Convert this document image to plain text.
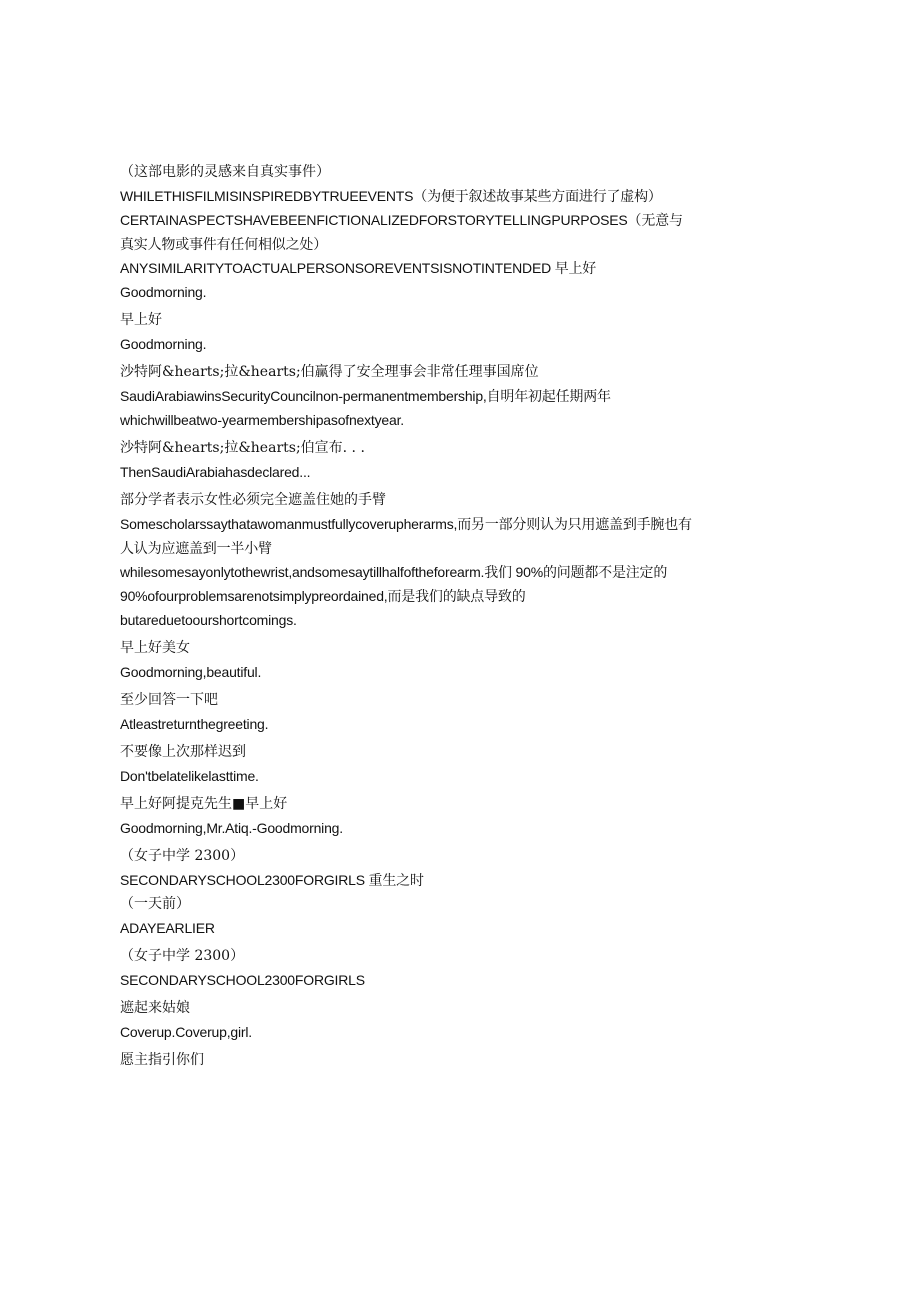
（这部电影的灵感来自真实事件）
WHILETHISFILMISINSPIREDBYTRUEEVENTS（为便于叙述故事某些方面进行了虚构）
CERTAINASPECTSHAVEBEENFICTIONALIZEDFORSTORYTELLINGPURPOSES（无意与真实人物或事件有任何相似之处）
ANYSIMILARITYTOACTUALPERSONSOREVENTSISNOTINTENDED 早上好
Goodmorning.
早上好
Goodmorning.
沙特阿&hearts;拉&hearts;伯赢得了安全理事会非常任理事国席位
SaudiArabiawinsSecurityCouncilnon-permanentmembership,自明年初起任期两年
whichwillbeatwo-yearmembershipasofnextyear.
沙特阿&hearts;拉&hearts;伯宣布. . .
ThenSaudiArabiahasdeclared...
部分学者表示女性必须完全遮盖住她的手臂
Somescholarssaythatawomanmustfullycoverupherarms,而另一部分则认为只用遮盖到手腕也有人认为应遮盖到一半小臂
whilesomesayonlytothewrist,andsomesaytillhalfoftheforearm.我们 90%的问题都不是注定的
90%ofourproblemsarenotsimplypreordained,而是我们的缺点导致的
butareduetoourshortcomings.
早上好美女
Goodmorning,beautiful.
至少回答一下吧
Atleastreturnthegreeting.
不要像上次那样迟到
Don'tbelatelikelasttime.
早上好阿提克先生■早上好
Goodmorning,Mr.Atiq.-Goodmorning.
（女子中学 2300）
SECONDARYSCHOOL2300FORGIRLS 重生之时
（一天前）
ADAYEARLIER
（女子中学 2300）
SECONDARYSCHOOL2300FORGIRLS
遮起来姑娘
Coverup.Coverup,girl.
愿主指引你们
